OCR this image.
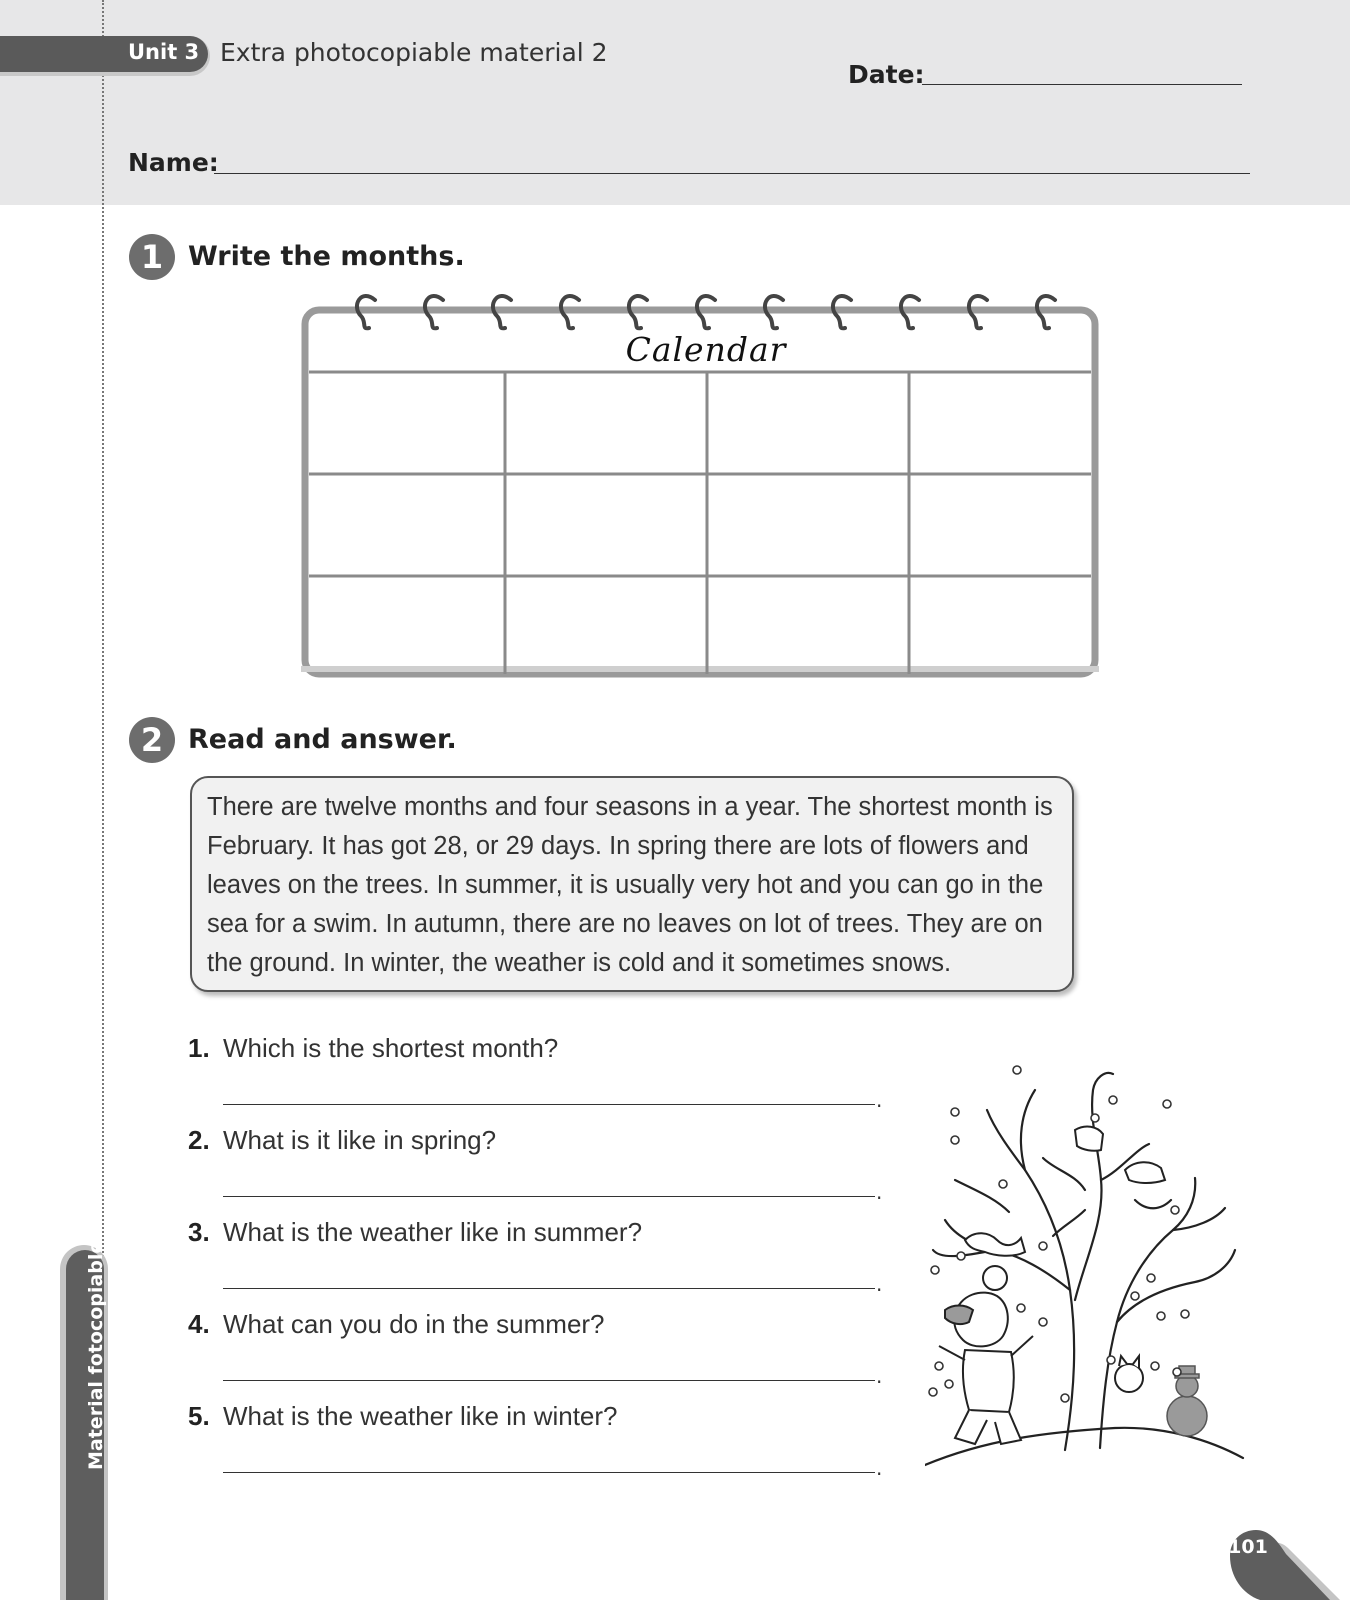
Unit 3 Extra photocopiable material 2
Date:
Name:
1 Write the months.
Calendar
2 Read and answer.
There are twelve months and four seasons in a year. The shortest month is February. It has got 28, or 29 days. In spring there are lots of flowers and leaves on the trees. In summer, it is usually very hot and you can go in the sea for a swim. In autumn, there are no leaves on lot of trees. They are on the ground. In winter, the weather is cold and it sometimes snows.
1. Which is the shortest month?
.
2. What is it like in spring?
.
3. What is the weather like in summer?
.
4. What can you do in the summer?
.
5. What is the weather like in winter?
.
Material fotocopiable
101
